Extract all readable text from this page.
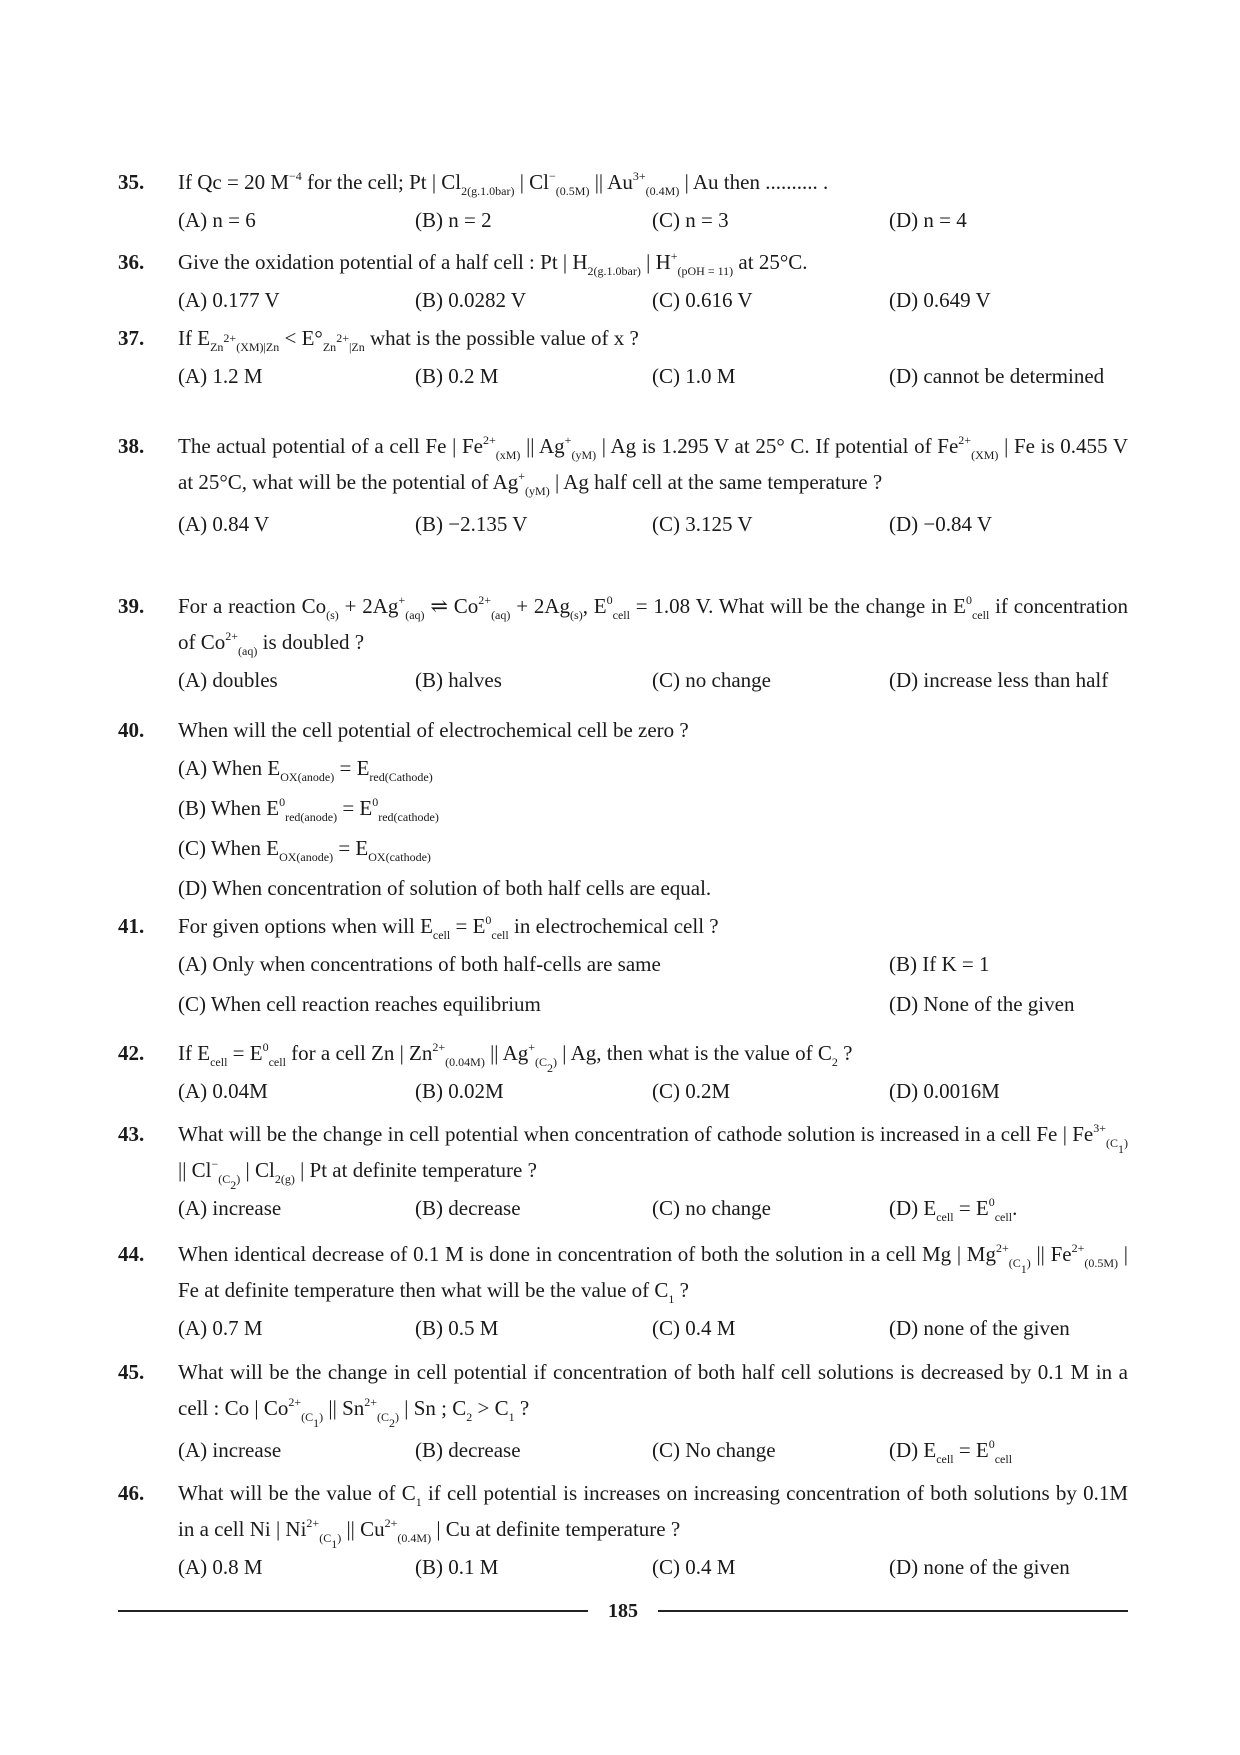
35. If Qc = 20 $M^{-4}$ for the cell; Pt | $Cl_{2(g.1.0bar)}$ | $Cl^-_{(0.5M)}$ || $Au^{3+}_{(0.4M)}$ | Au then .......... .
(A) n = 6	(B) n = 2	(C) n = 3	(D) n = 4
36. Give the oxidation potential of a half cell : Pt | $H_{2(g.1.0bar)}$ | $H^+_{(pOH = 11)}$ at 25°C.
(A) 0.177 V	(B) 0.0282 V	(C) 0.616 V	(D) 0.649 V
37. If $E_{Zn^{2+}(XM)|Zn} < E^\circ_{Zn^{2+}|Zn}$ what is the possible value of x ?
(A) 1.2 M	(B) 0.2 M	(C) 1.0 M	(D) cannot be determined
38. The actual potential of a cell Fe | $Fe^{2+}_{(xM)}$ || $Ag^+_{(yM)}$ | Ag is 1.295 V at 25° C. If potential of $Fe^{2+}_{(XM)}$ | Fe is 0.455 V at 25°C, what will be the potential of $Ag^+_{(yM)}$ | Ag half cell at the same temperature ?
(A) 0.84 V	(B) −2.135 V	(C) 3.125 V	(D) −0.84 V
39. For a reaction $Co_{(s)} + 2Ag^+_{(aq)}$ ⇌ $Co^{2+}_{(aq)} + 2Ag_{(s)}$, $E^0_{cell} = 1.08$ V. What will be the change in $E^0_{cell}$ if concentration of $Co^{2+}_{(aq)}$ is doubled ?
(A) doubles	(B) halves	(C) no change	(D) increase less than half
40. When will the cell potential of electrochemical cell be zero ?
(A) When $E_{OX(anode)} = E_{red(Cathode)}$
(B) When $E^0_{red(anode)} = E^0_{red(cathode)}$
(C) When $E_{OX(anode)} = E_{OX(cathode)}$
(D) When concentration of solution of both half cells are equal.
41. For given options when will $E_{cell} = E^0_{cell}$ in electrochemical cell ?
(A) Only when concentrations of both half-cells are same	(B) If K = 1
(C) When cell reaction reaches equilibrium	(D) None of the given
42. If $E_{cell} = E^0_{cell}$ for a cell Zn | $Zn^{2+}_{(0.04M)}$ || $Ag^+_{(C_2)}$ | Ag, then what is the value of $C_2$ ?
(A) 0.04M	(B) 0.02M	(C) 0.2M	(D) 0.0016M
43. What will be the change in cell potential when concentration of cathode solution is increased in a cell Fe | $Fe^{3+}_{(C_1)}$ || $Cl^-_{(C_2)}$ | $Cl_{2(g)}$ | Pt at definite temperature ?
(A) increase	(B) decrease	(C) no change	(D) $E_{cell} = E^0_{cell}$.
44. When identical decrease of 0.1 M is done in concentration of both the solution in a cell Mg | $Mg^{2+}_{(C_1)}$ || $Fe^{2+}_{(0.5M)}$ | Fe at definite temperature then what will be the value of $C_1$ ?
(A) 0.7 M	(B) 0.5 M	(C) 0.4 M	(D) none of the given
45. What will be the change in cell potential if concentration of both half cell solutions is decreased by 0.1 M in a cell : Co | $Co^{2+}_{(C_1)}$ || $Sn^{2+}_{(C_2)}$ | Sn ; $C_2 > C_1$ ?
(A) increase	(B) decrease	(C) No change	(D) $E_{cell} = E^0_{cell}$
46. What will be the value of $C_1$ if cell potential is increases on increasing concentration of both solutions by 0.1M in a cell Ni | $Ni^{2+}_{(C_1)}$ || $Cu^{2+}_{(0.4M)}$ | Cu at definite temperature ?
(A) 0.8 M	(B) 0.1 M	(C) 0.4 M	(D) none of the given
185
